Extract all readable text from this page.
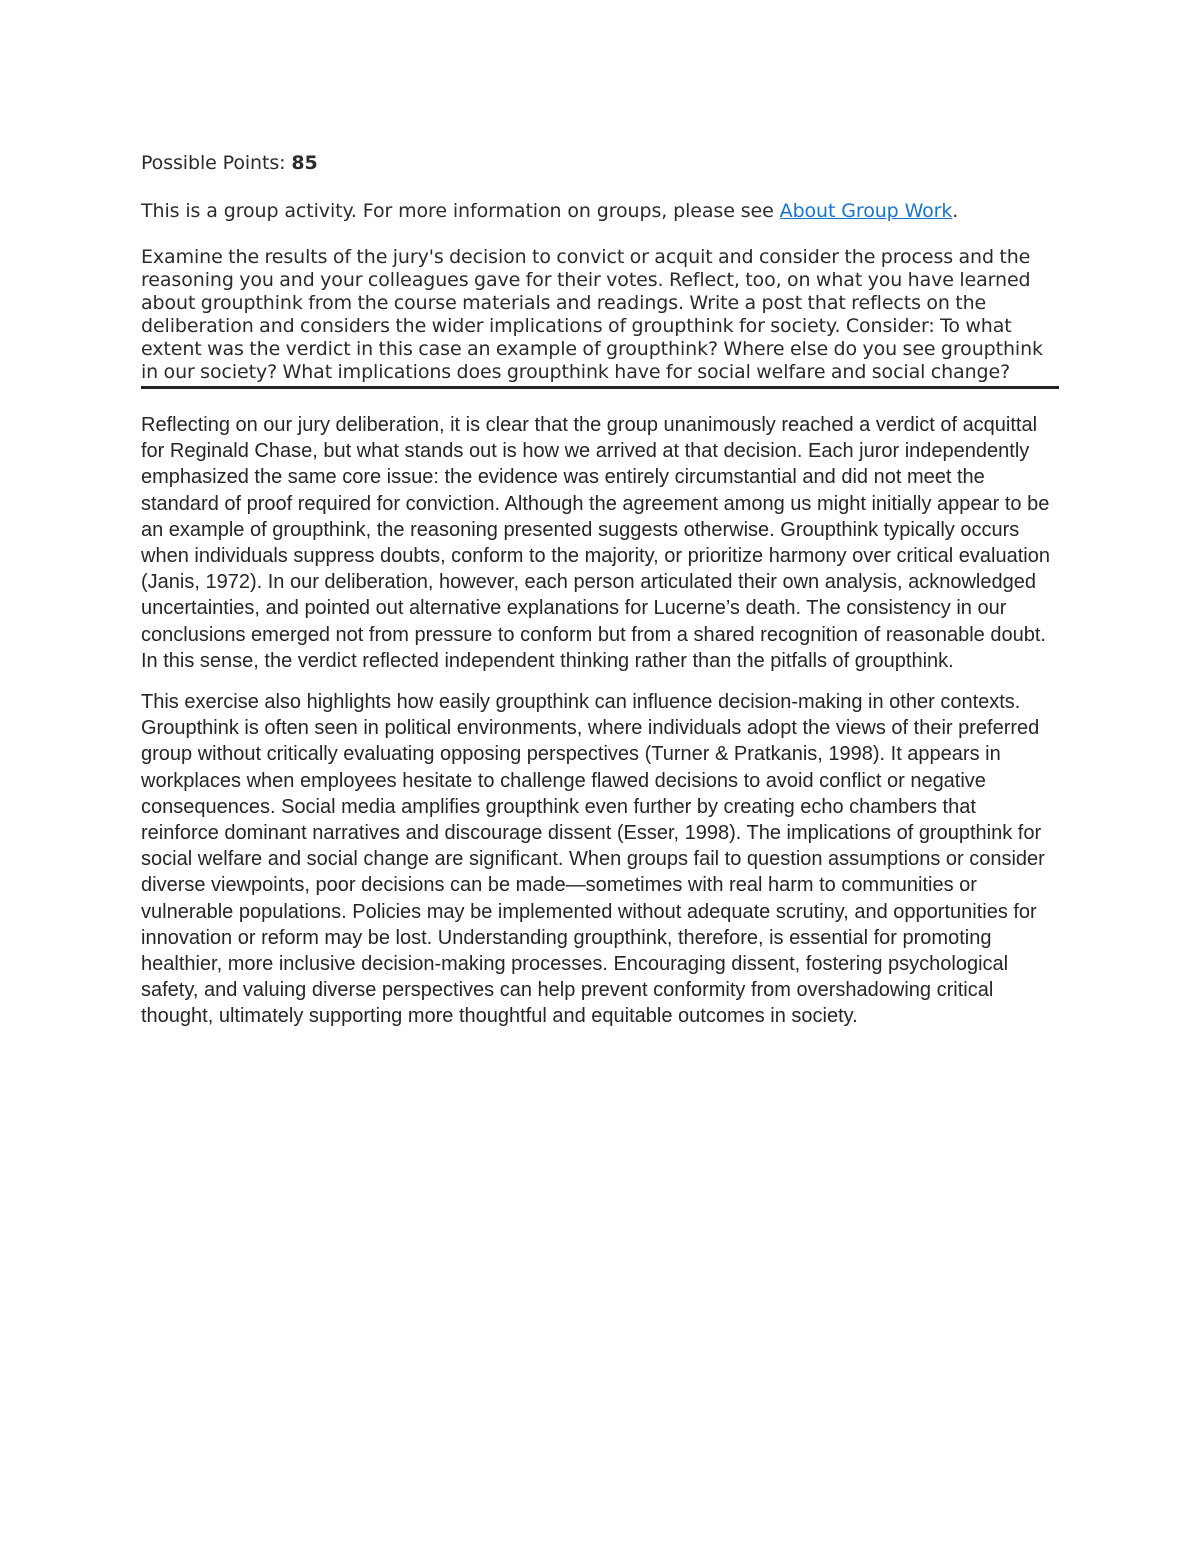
Possible Points: 85

This is a group activity. For more information on groups, please see About Group Work.

Examine the results of the jury's decision to convict or acquit and consider the process and the reasoning you and your colleagues gave for their votes. Reflect, too, on what you have learned about groupthink from the course materials and readings. Write a post that reflects on the deliberation and considers the wider implications of groupthink for society. Consider: To what extent was the verdict in this case an example of groupthink? Where else do you see groupthink in our society? What implications does groupthink have for social welfare and social change?

Reflecting on our jury deliberation, it is clear that the group unanimously reached a verdict of acquittal for Reginald Chase, but what stands out is how we arrived at that decision. Each juror independently emphasized the same core issue: the evidence was entirely circumstantial and did not meet the standard of proof required for conviction. Although the agreement among us might initially appear to be an example of groupthink, the reasoning presented suggests otherwise. Groupthink typically occurs when individuals suppress doubts, conform to the majority, or prioritize harmony over critical evaluation (Janis, 1972). In our deliberation, however, each person articulated their own analysis, acknowledged uncertainties, and pointed out alternative explanations for Lucerne’s death. The consistency in our conclusions emerged not from pressure to conform but from a shared recognition of reasonable doubt. In this sense, the verdict reflected independent thinking rather than the pitfalls of groupthink.

This exercise also highlights how easily groupthink can influence decision-making in other contexts. Groupthink is often seen in political environments, where individuals adopt the views of their preferred group without critically evaluating opposing perspectives (Turner & Pratkanis, 1998). It appears in workplaces when employees hesitate to challenge flawed decisions to avoid conflict or negative consequences. Social media amplifies groupthink even further by creating echo chambers that reinforce dominant narratives and discourage dissent (Esser, 1998). The implications of groupthink for social welfare and social change are significant. When groups fail to question assumptions or consider diverse viewpoints, poor decisions can be made—sometimes with real harm to communities or vulnerable populations. Policies may be implemented without adequate scrutiny, and opportunities for innovation or reform may be lost. Understanding groupthink, therefore, is essential for promoting healthier, more inclusive decision-making processes. Encouraging dissent, fostering psychological safety, and valuing diverse perspectives can help prevent conformity from overshadowing critical thought, ultimately supporting more thoughtful and equitable outcomes in society.
